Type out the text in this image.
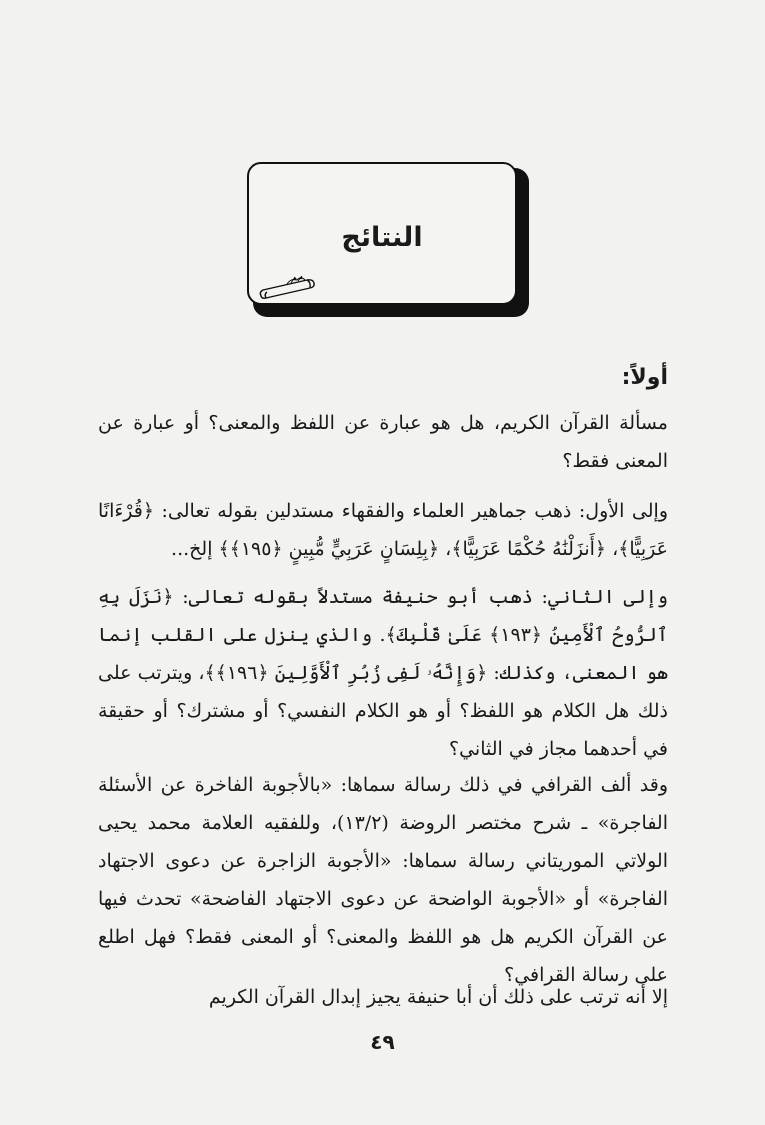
النتائج
أولاً:

مسألة القرآن الكريم، هل هو عبارة عن اللفظ والمعنى؟ أو عبارة عن المعنى فقط؟

وإلى الأول: ذهب جماهير العلماء والفقهاء مستدلين بقوله تعالى: ﴿قُرْءَانًا عَرَبِيًّا﴾، ﴿أَنزَلْنَٰهُ حُكْمًا عَرَبِيًّا﴾، ﴿بِلِسَانٍ عَرَبِيٍّ مُّبِينٍ ﴿١٩٥﴾﴾ إلخ...

وإلى الثاني: ذهب أبو حنيفة مستدلاً بقوله تعالى: ﴿نَزَلَ بِهِ ٱلرُّوحُ ٱلْأَمِينُ ﴿١٩٣﴾ عَلَىٰ قَلْبِكَ﴾. والذي ينزل على القلب إنما هو المعنى، وكذلك: ﴿وَإِنَّهُۥ لَفِى زُبُرِ ٱلْأَوَّلِينَ ﴿١٩٦﴾﴾، ويترتب على ذلك هل الكلام هو اللفظ؟ أو هو الكلام النفسي؟ أو مشترك؟ أو حقيقة في أحدهما مجاز في الثاني؟

وقد ألف القرافي في ذلك رسالة سماها: «بالأجوبة الفاخرة عن الأسئلة الفاجرة» ـ شرح مختصر الروضة (١٣/٢)، وللفقيه العلامة محمد يحيى الولاتي الموريتاني رسالة سماها: «الأجوبة الزاجرة عن دعوى الاجتهاد الفاجرة» أو «الأجوبة الواضحة عن دعوى الاجتهاد الفاضحة» تحدث فيها عن القرآن الكريم هل هو اللفظ والمعنى؟ أو المعنى فقط؟ فهل اطلع على رسالة القرافي؟

إلا أنه ترتب على ذلك أن أبا حنيفة يجيز إبدال القرآن الكريم

٤٩
